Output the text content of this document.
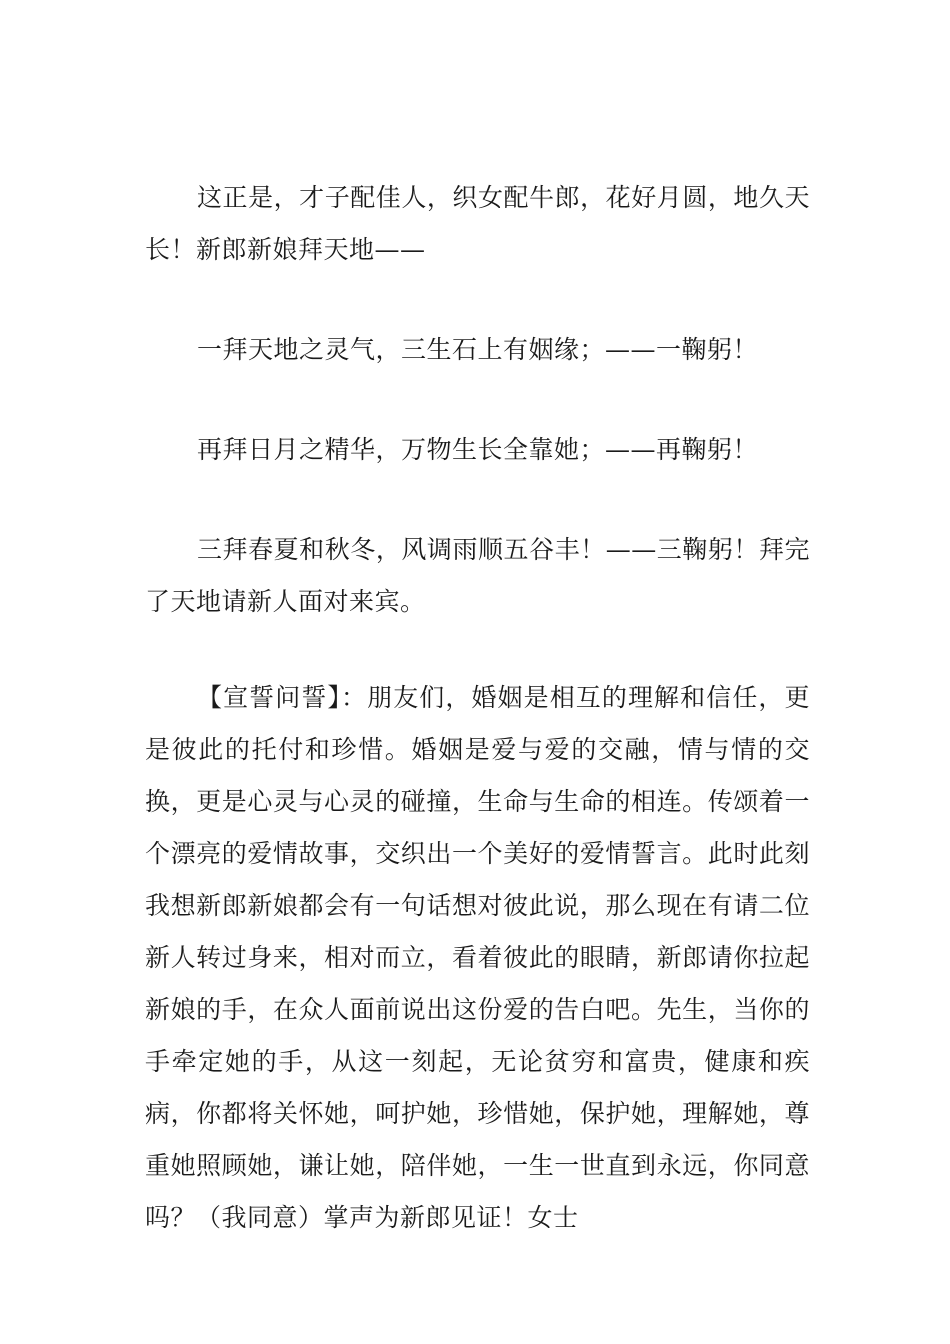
这正是，才子配佳人，织女配牛郎，花好月圆，地久天长！新郎新娘拜天地——

一拜天地之灵气，三生石上有姻缘；——一鞠躬！

再拜日月之精华，万物生长全靠她；——再鞠躬！

三拜春夏和秋冬，风调雨顺五谷丰！——三鞠躬！拜完了天地请新人面对来宾。

【宣誓问誓】：朋友们，婚姻是相互的理解和信任，更是彼此的托付和珍惜。婚姻是爱与爱的交融，情与情的交换，更是心灵与心灵的碰撞，生命与生命的相连。传颂着一个漂亮的爱情故事，交织出一个美好的爱情誓言。此时此刻我想新郎新娘都会有一句话想对彼此说，那么现在有请二位新人转过身来，相对而立，看着彼此的眼睛，新郎请你拉起新娘的手，在众人面前说出这份爱的告白吧。先生，当你的手牵定她的手，从这一刻起，无论贫穷和富贵，健康和疾病，你都将关怀她，呵护她，珍惜她，保护她，理解她，尊重她照顾她，谦让她，陪伴她，一生一世直到永远，你同意吗？（我同意）掌声为新郎见证！女士
